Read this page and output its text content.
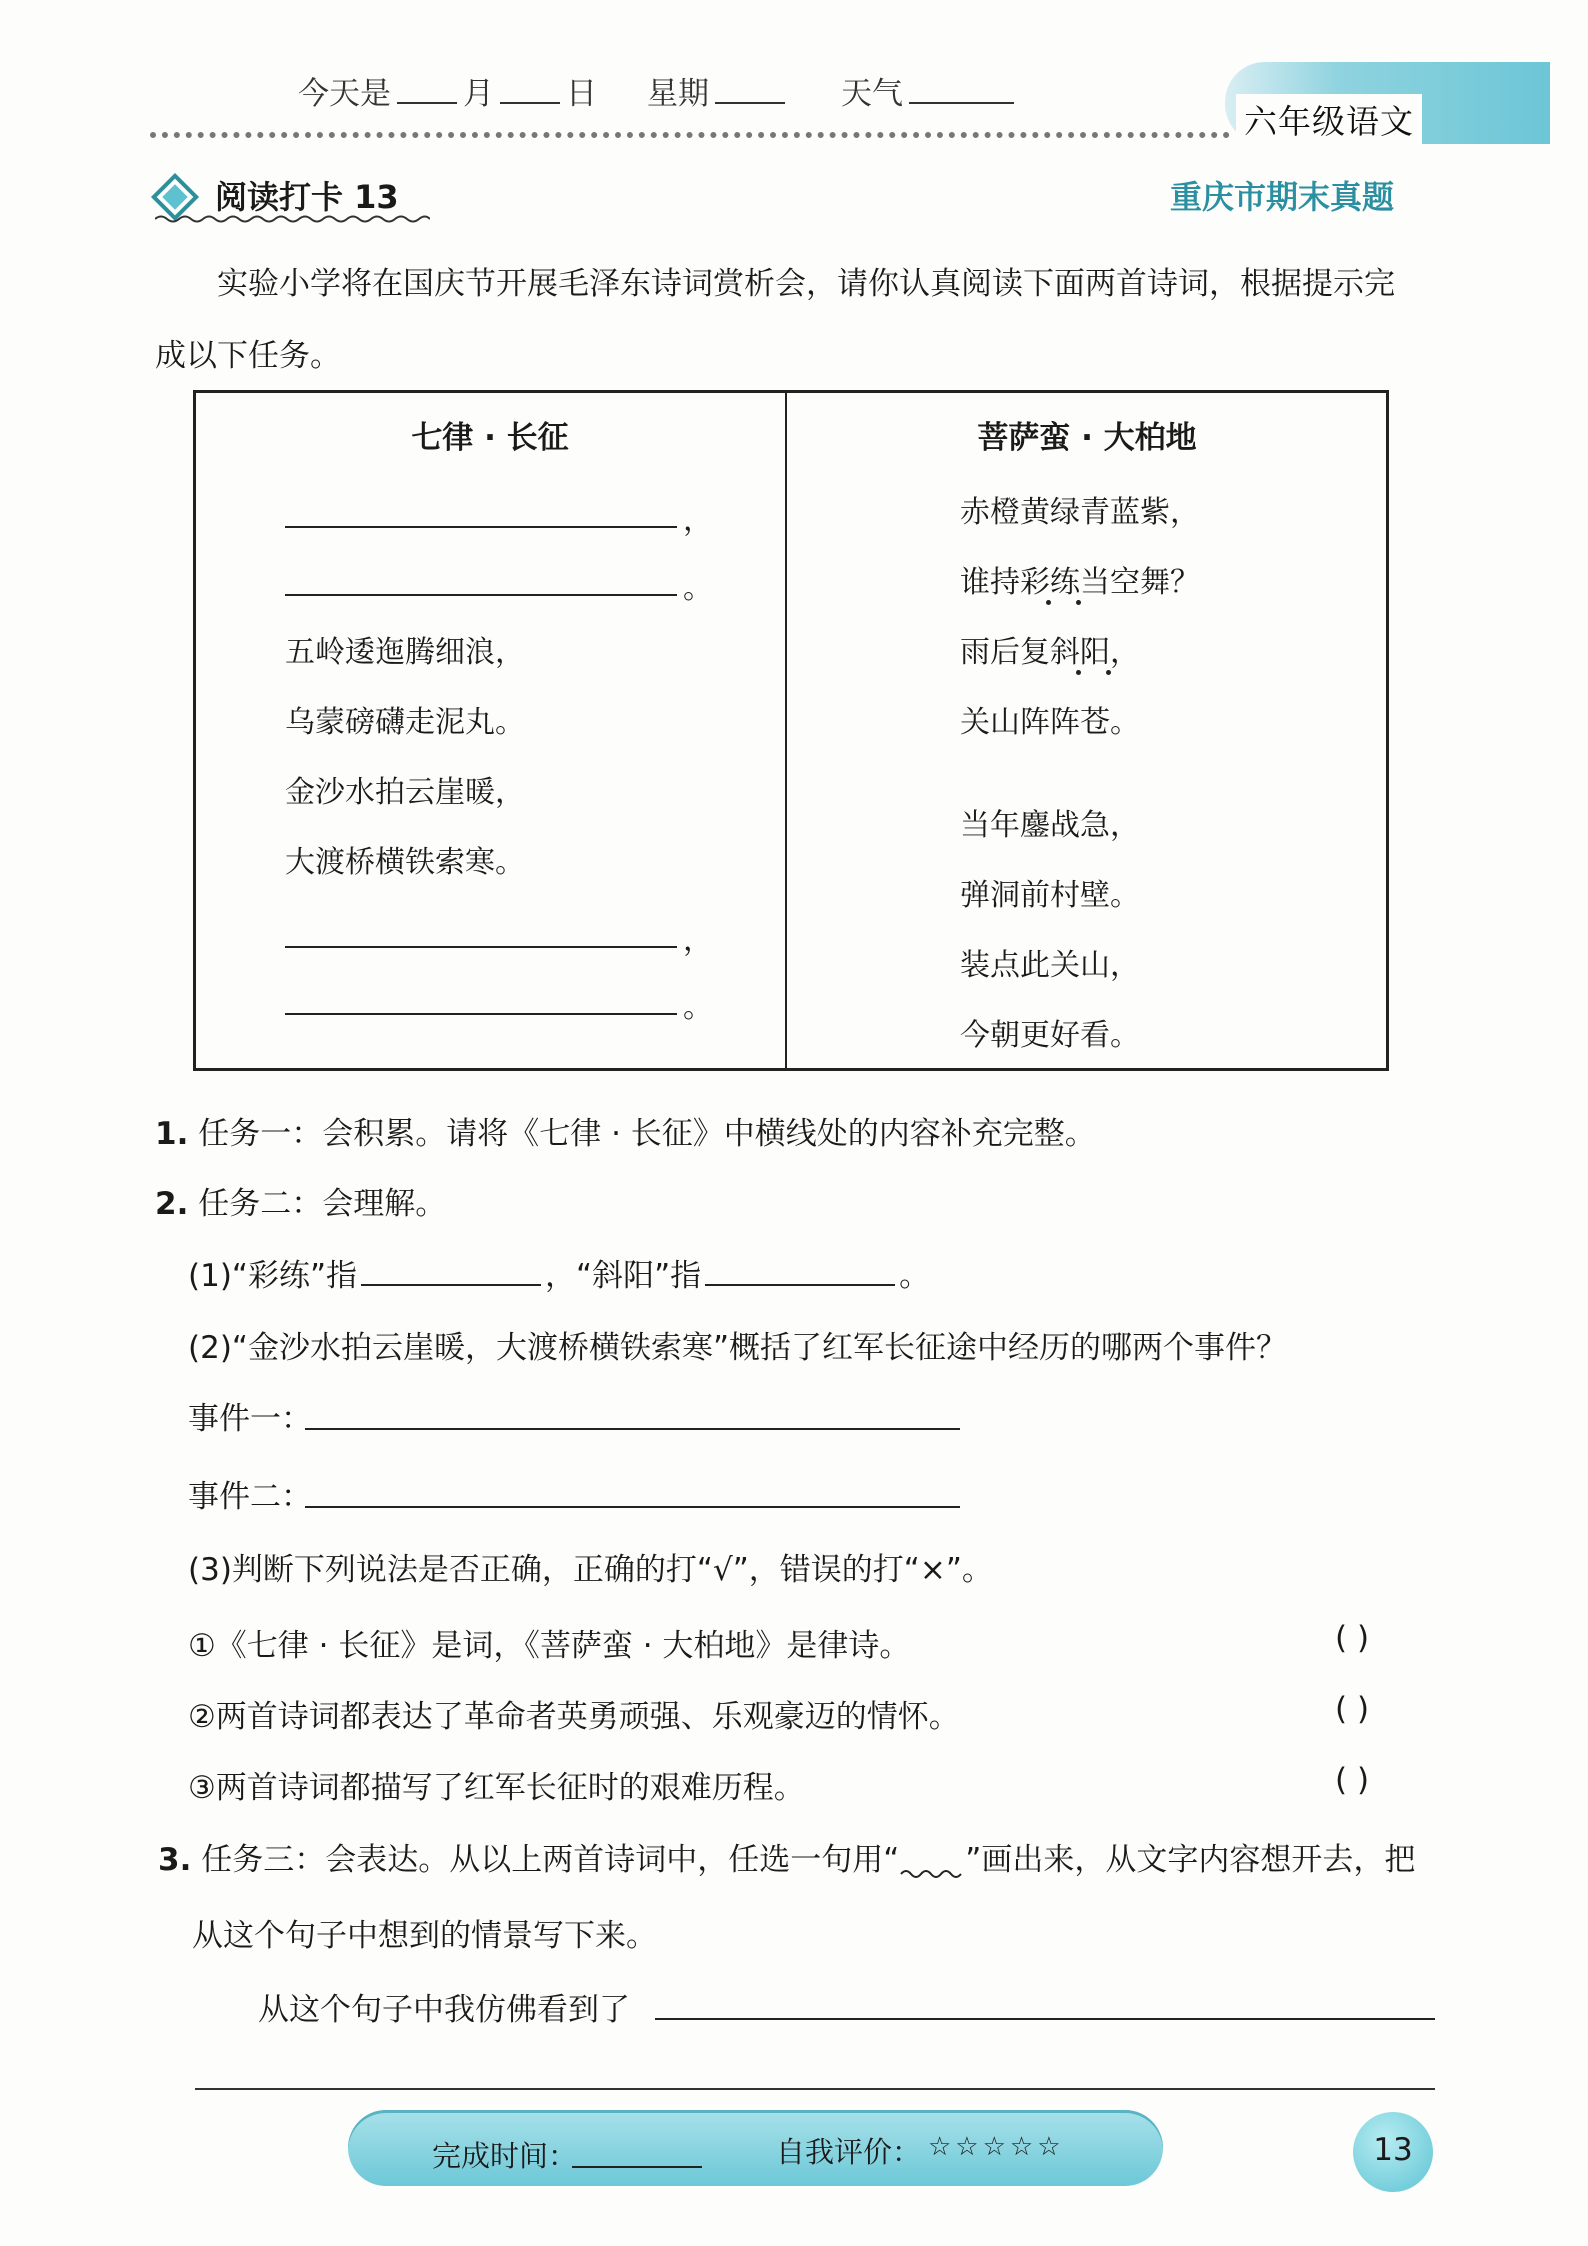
今天是 月 日 星期	天气
六年级语文
阅读打卡 13	重庆市期末真题
实验小学将在国庆节开展毛泽东诗词赏析会，请你认真阅读下面两首诗词，根据提示完成以下任务。
七律 · 长征
，
。
五岭逶迤腾细浪，
乌蒙磅礴走泥丸。
金沙水拍云崖暖，
大渡桥横铁索寒。
，
。
菩萨蛮 · 大柏地
赤橙黄绿青蓝紫，
谁持彩练当空舞？
雨后复斜阳，
关山阵阵苍。
当年鏖战急，
弹洞前村壁。
装点此关山，
今朝更好看。
1. 任务一：会积累。请将《七律 · 长征》中横线处的内容补充完整。
2. 任务二：会理解。
(1)“彩练”指	，“斜阳”指	。
(2)“金沙水拍云崖暖，大渡桥横铁索寒”概括了红军长征途中经历的哪两个事件？
事件一：
事件二：
(3)判断下列说法是否正确，正确的打“√”，错误的打“×”。
①《七律 · 长征》是词，《菩萨蛮 · 大柏地》是律诗。	( )
②两首诗词都表达了革命者英勇顽强、乐观豪迈的情怀。	( )
③两首诗词都描写了红军长征时的艰难历程。	( )
3. 任务三：会表达。从以上两首诗词中，任选一句用“ ”画出来，从文字内容想开去，把
从这个句子中想到的情景写下来。
从这个句子中我仿佛看到了
完成时间：	自我评价： ☆☆☆☆☆	13
